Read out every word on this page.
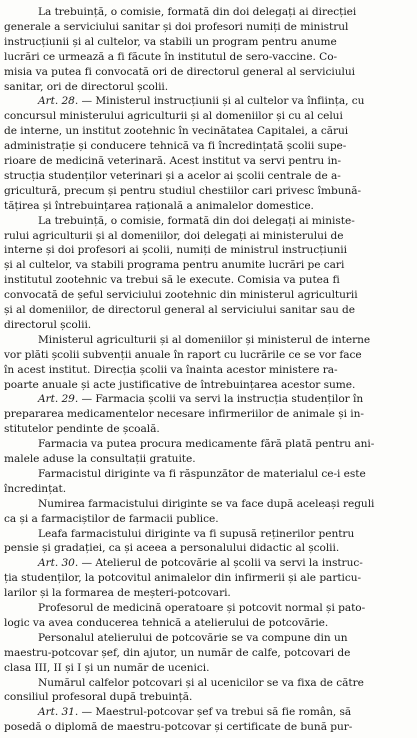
La trebuință, o comisie, formată din doi delegați ai direcției
generale a serviciului sanitar și doi profesori numiți de ministrul
instrucțiunii și al cultelor, va stabili un program pentru anume
lucrări ce urmează a fi făcute în institutul de sero-vaccine. Co-
misia va putea fi convocată ori de directorul general al serviciului
sanitar, ori de directorul școlii.
Art. 28. — Ministerul instrucțiunii și al cultelor va înființa, cu
concursul ministerului agriculturii și al domeniilor și cu al celui
de interne, un institut zootehnic în vecinătatea Capitalei, a cărui
administrație și conducere tehnică va fi încredințată școlii supe-
rioare de medicină veterinară. Acest institut va servi pentru in-
strucția studenților veterinari și a acelor ai școlii centrale de a-
gricultură, precum și pentru studiul chestiilor cari privesc îmbună-
tățirea și întrebuințarea rațională a animalelor domestice.
La trebuință, o comisie, formată din doi delegați ai ministe-
rului agriculturii și al domeniilor, doi delegați ai ministerului de
interne și doi profesori ai școlii, numiți de ministrul instrucțiunii
și al cultelor, va stabili programa pentru anumite lucrări pe cari
institutul zootehnic va trebui să le execute. Comisia va putea fi
convocată de șeful serviciului zootehnic din ministerul agriculturii
și al domeniilor, de directorul general al serviciului sanitar sau de
directorul școlii.
Ministerul agriculturii și al domeniilor și ministerul de interne
vor plăti școlii subvenții anuale în raport cu lucrările ce se vor face
în acest institut. Direcția școlii va înainta acestor ministere ra-
poarte anuale și acte justificative de întrebuințarea acestor sume.
Art. 29. — Farmacia școlii va servi la instrucția studenților în
prepararea medicamentelor necesare infirmeriilor de animale și in-
stitutelor pendinte de școală.
Farmacia va putea procura medicamente fără plată pentru ani-
malele aduse la consultații gratuite.
Farmacistul diriginte va fi răspunzător de materialul ce-i este
încredințat.
Numirea farmacistului diriginte se va face după aceleași reguli
ca și a farmaciștilor de farmacii publice.
Leafa farmacistului diriginte va fi supusă reținerilor pentru
pensie și gradației, ca și aceea a personalului didactic al școlii.
Art. 30. — Atelierul de potcovărie al școlii va servi la instruc-
ția studenților, la potcovitul animalelor din infirmerii și ale particu-
larilor și la formarea de meșteri-potcovari.
Profesorul de medicină operatoare și potcovit normal și pato-
logic va avea conducerea tehnică a atelierului de potcovărie.
Personalul atelierului de potcovărie se va compune din un
maestru-potcovar șef, din ajutor, un număr de calfe, potcovari de
clasa III, II și I și un număr de ucenici.
Numărul calfelor potcovari și al ucenicilor se va fixa de către
consiliul profesoral după trebuință.
Art. 31. — Maestrul-potcovar șef va trebui să fie român, să
posedă o diplomă de maestru-potcovar și certificate de bună pur-
